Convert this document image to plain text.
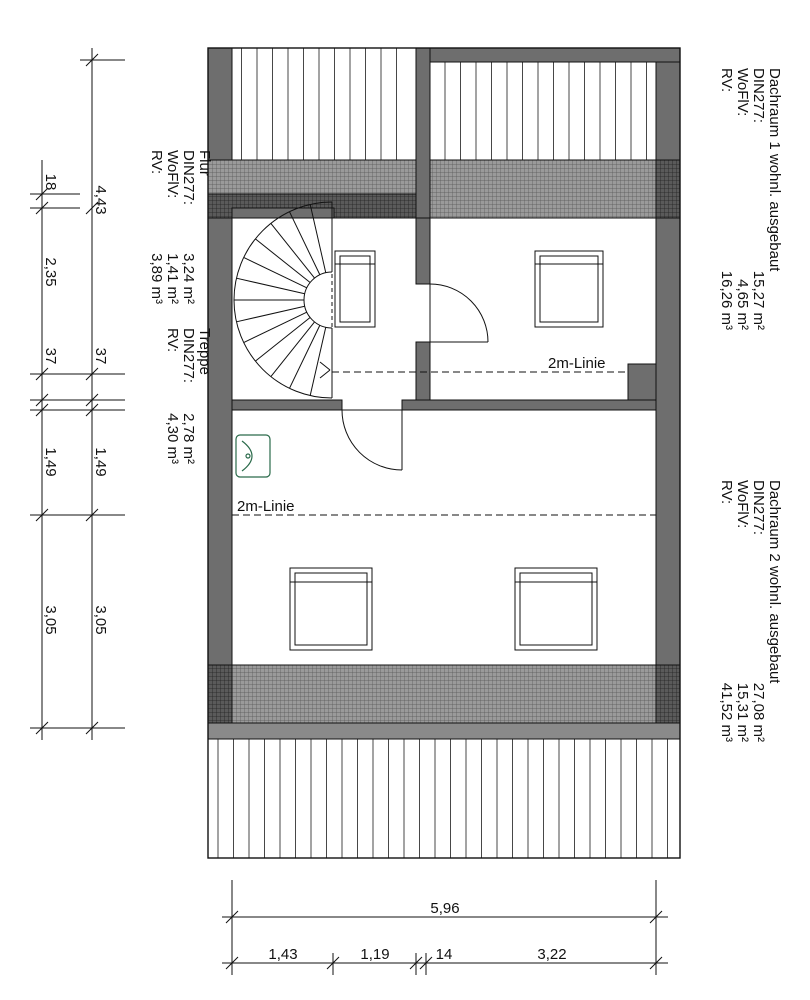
2m-Linie
2m-Linie
Dachraum 1 wohnl. ausgebaut
DIN277:
15,27 m²
WoFlV:
4,65 m²
RV:
16,26 m³
Dachraum 2 wohnl. ausgebaut
DIN277:
27,08 m²
WoFlV:
15,31 m²
RV:
41,52 m³
Flur
DIN277:
3,24 m²
WoFlV:
1,41 m²
RV:
3,89 m³
Treppe
DIN277:
2,78 m²
RV:
4,30 m³
5,96
1,43	1,19	14	3,22
4,43
37
1,49
3,05
18
2,35
37
1,49
3,05
